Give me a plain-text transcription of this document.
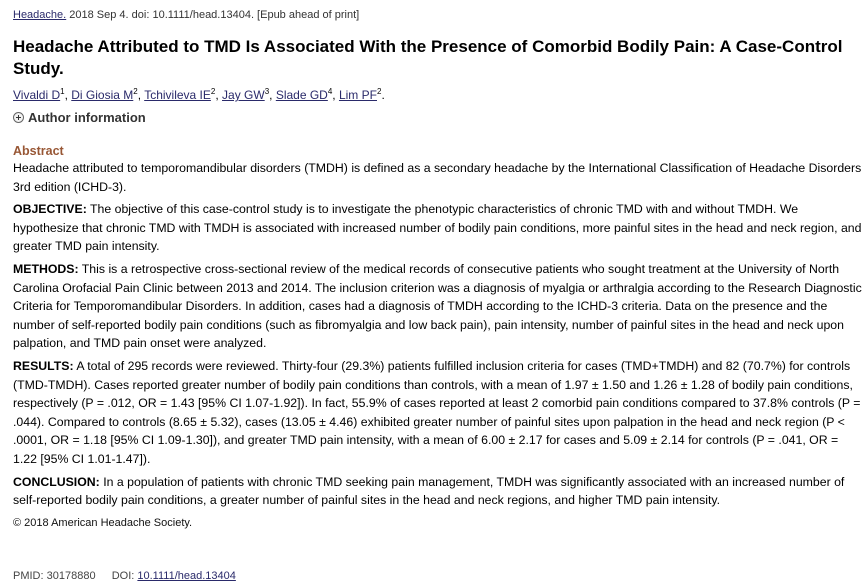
Headache. 2018 Sep 4. doi: 10.1111/head.13404. [Epub ahead of print]
Headache Attributed to TMD Is Associated With the Presence of Comorbid Bodily Pain: A Case-Control Study.
Vivaldi $D^1$, Di Giosia $M^2$, Tchivileva $IE^2$, Jay $GW^3$, Slade $GD^4$, Lim $PF^2$.
Author information
Abstract

Headache attributed to temporomandibular disorders (TMDH) is defined as a secondary headache by the International Classification of Headache Disorders 3rd edition (ICHD-3).

OBJECTIVE: The objective of this case-control study is to investigate the phenotypic characteristics of chronic TMD with and without TMDH. We hypothesize that chronic TMD with TMDH is associated with increased number of bodily pain conditions, more painful sites in the head and neck region, and greater TMD pain intensity.

METHODS: This is a retrospective cross-sectional review of the medical records of consecutive patients who sought treatment at the University of North Carolina Orofacial Pain Clinic between 2013 and 2014. The inclusion criterion was a diagnosis of myalgia or arthralgia according to the Research Diagnostic Criteria for Temporomandibular Disorders. In addition, cases had a diagnosis of TMDH according to the ICHD-3 criteria. Data on the presence and the number of self-reported bodily pain conditions (such as fibromyalgia and low back pain), pain intensity, number of painful sites in the head and neck upon palpation, and TMD pain onset were analyzed.

RESULTS: A total of 295 records were reviewed. Thirty-four (29.3%) patients fulfilled inclusion criteria for cases (TMD+TMDH) and 82 (70.7%) for controls (TMD-TMDH). Cases reported greater number of bodily pain conditions than controls, with a mean of 1.97 ± 1.50 and 1.26 ± 1.28 of bodily pain conditions, respectively (P = .012, OR = 1.43 [95% CI 1.07-1.92]). In fact, 55.9% of cases reported at least 2 comorbid pain conditions compared to 37.8% controls (P = .044). Compared to controls (8.65 ± 5.32), cases (13.05 ± 4.46) exhibited greater number of painful sites upon palpation in the head and neck region (P < .0001, OR = 1.18 [95% CI 1.09-1.30]), and greater TMD pain intensity, with a mean of 6.00 ± 2.17 for cases and 5.09 ± 2.14 for controls (P = .041, OR = 1.22 [95% CI 1.01-1.47]).

CONCLUSION: In a population of patients with chronic TMD seeking pain management, TMDH was significantly associated with an increased number of self-reported bodily pain conditions, a greater number of painful sites in the head and neck regions, and higher TMD pain intensity.

© 2018 American Headache Society.
PMID: 30178880 DOI: 10.1111/head.13404
